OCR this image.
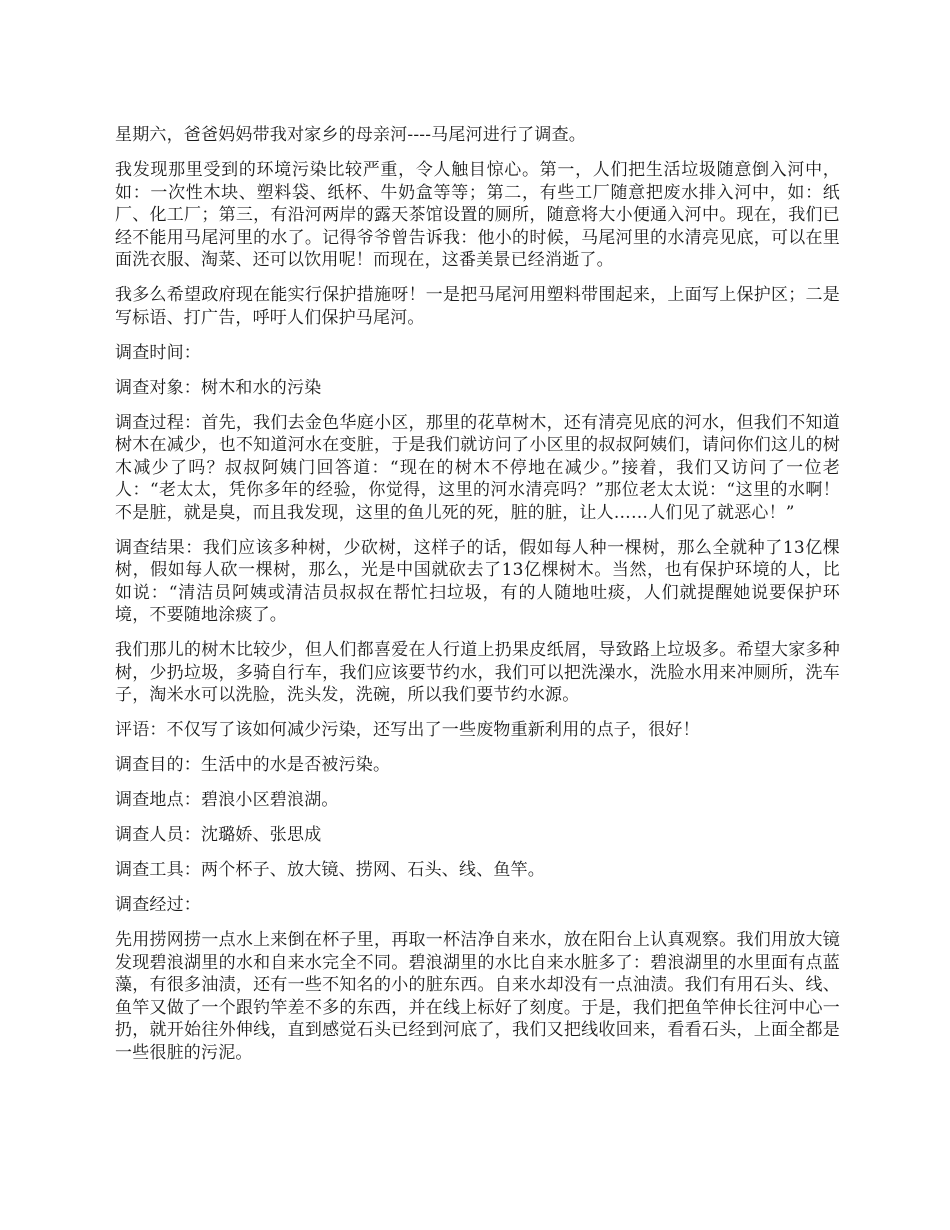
星期六，爸爸妈妈带我对家乡的母亲河----马尾河进行了调查。

我发现那里受到的环境污染比较严重，令人触目惊心。第一，人们把生活垃圾随意倒入河中，如：一次性木块、塑料袋、纸杯、牛奶盒等等；第二，有些工厂随意把废水排入河中，如：纸厂、化工厂；第三，有沿河两岸的露天茶馆设置的厕所，随意将大小便通入河中。现在，我们已经不能用马尾河里的水了。记得爷爷曾告诉我：他小的时候，马尾河里的水清亮见底，可以在里面洗衣服、淘菜、还可以饮用呢！而现在，这番美景已经消逝了。

我多么希望政府现在能实行保护措施呀！一是把马尾河用塑料带围起来，上面写上保护区；二是写标语、打广告，呼吁人们保护马尾河。

调查时间：

调查对象：树木和水的污染

调查过程：首先，我们去金色华庭小区，那里的花草树木，还有清亮见底的河水，但我们不知道树木在减少，也不知道河水在变脏，于是我们就访问了小区里的叔叔阿姨们，请问你们这儿的树木减少了吗？叔叔阿姨门回答道：“现在的树木不停地在减少。”接着，我们又访问了一位老人：“老太太，凭你多年的经验，你觉得，这里的河水清亮吗？”那位老太太说：“这里的水啊！不是脏，就是臭，而且我发现，这里的鱼儿死的死，脏的脏，让人……人们见了就恶心！”

调查结果：我们应该多种树，少砍树，这样子的话，假如每人种一棵树，那么全就种了13亿棵树，假如每人砍一棵树，那么，光是中国就砍去了13亿棵树木。当然，也有保护环境的人，比如说：“清洁员阿姨或清洁员叔叔在帮忙扫垃圾，有的人随地吐痰，人们就提醒她说要保护环境，不要随地涂痰了。

我们那儿的树木比较少，但人们都喜爱在人行道上扔果皮纸屑，导致路上垃圾多。希望大家多种树，少扔垃圾，多骑自行车，我们应该要节约水，我们可以把洗澡水，洗脸水用来冲厕所，洗车子，淘米水可以洗脸，洗头发，洗碗，所以我们要节约水源。

评语：不仅写了该如何减少污染，还写出了一些废物重新利用的点子，很好！

调查目的：生活中的水是否被污染。

调查地点：碧浪小区碧浪湖。

调查人员：沈璐娇、张思成

调查工具：两个杯子、放大镜、捞网、石头、线、鱼竿。

调查经过：

先用捞网捞一点水上来倒在杯子里，再取一杯洁净自来水，放在阳台上认真观察。我们用放大镜发现碧浪湖里的水和自来水完全不同。碧浪湖里的水比自来水脏多了：碧浪湖里的水里面有点蓝藻，有很多油渍，还有一些不知名的小的脏东西。自来水却没有一点油渍。我们有用石头、线、鱼竿又做了一个跟钓竿差不多的东西，并在线上标好了刻度。于是，我们把鱼竿伸长往河中心一扔，就开始往外伸线，直到感觉石头已经到河底了，我们又把线收回来，看看石头，上面全都是一些很脏的污泥。
